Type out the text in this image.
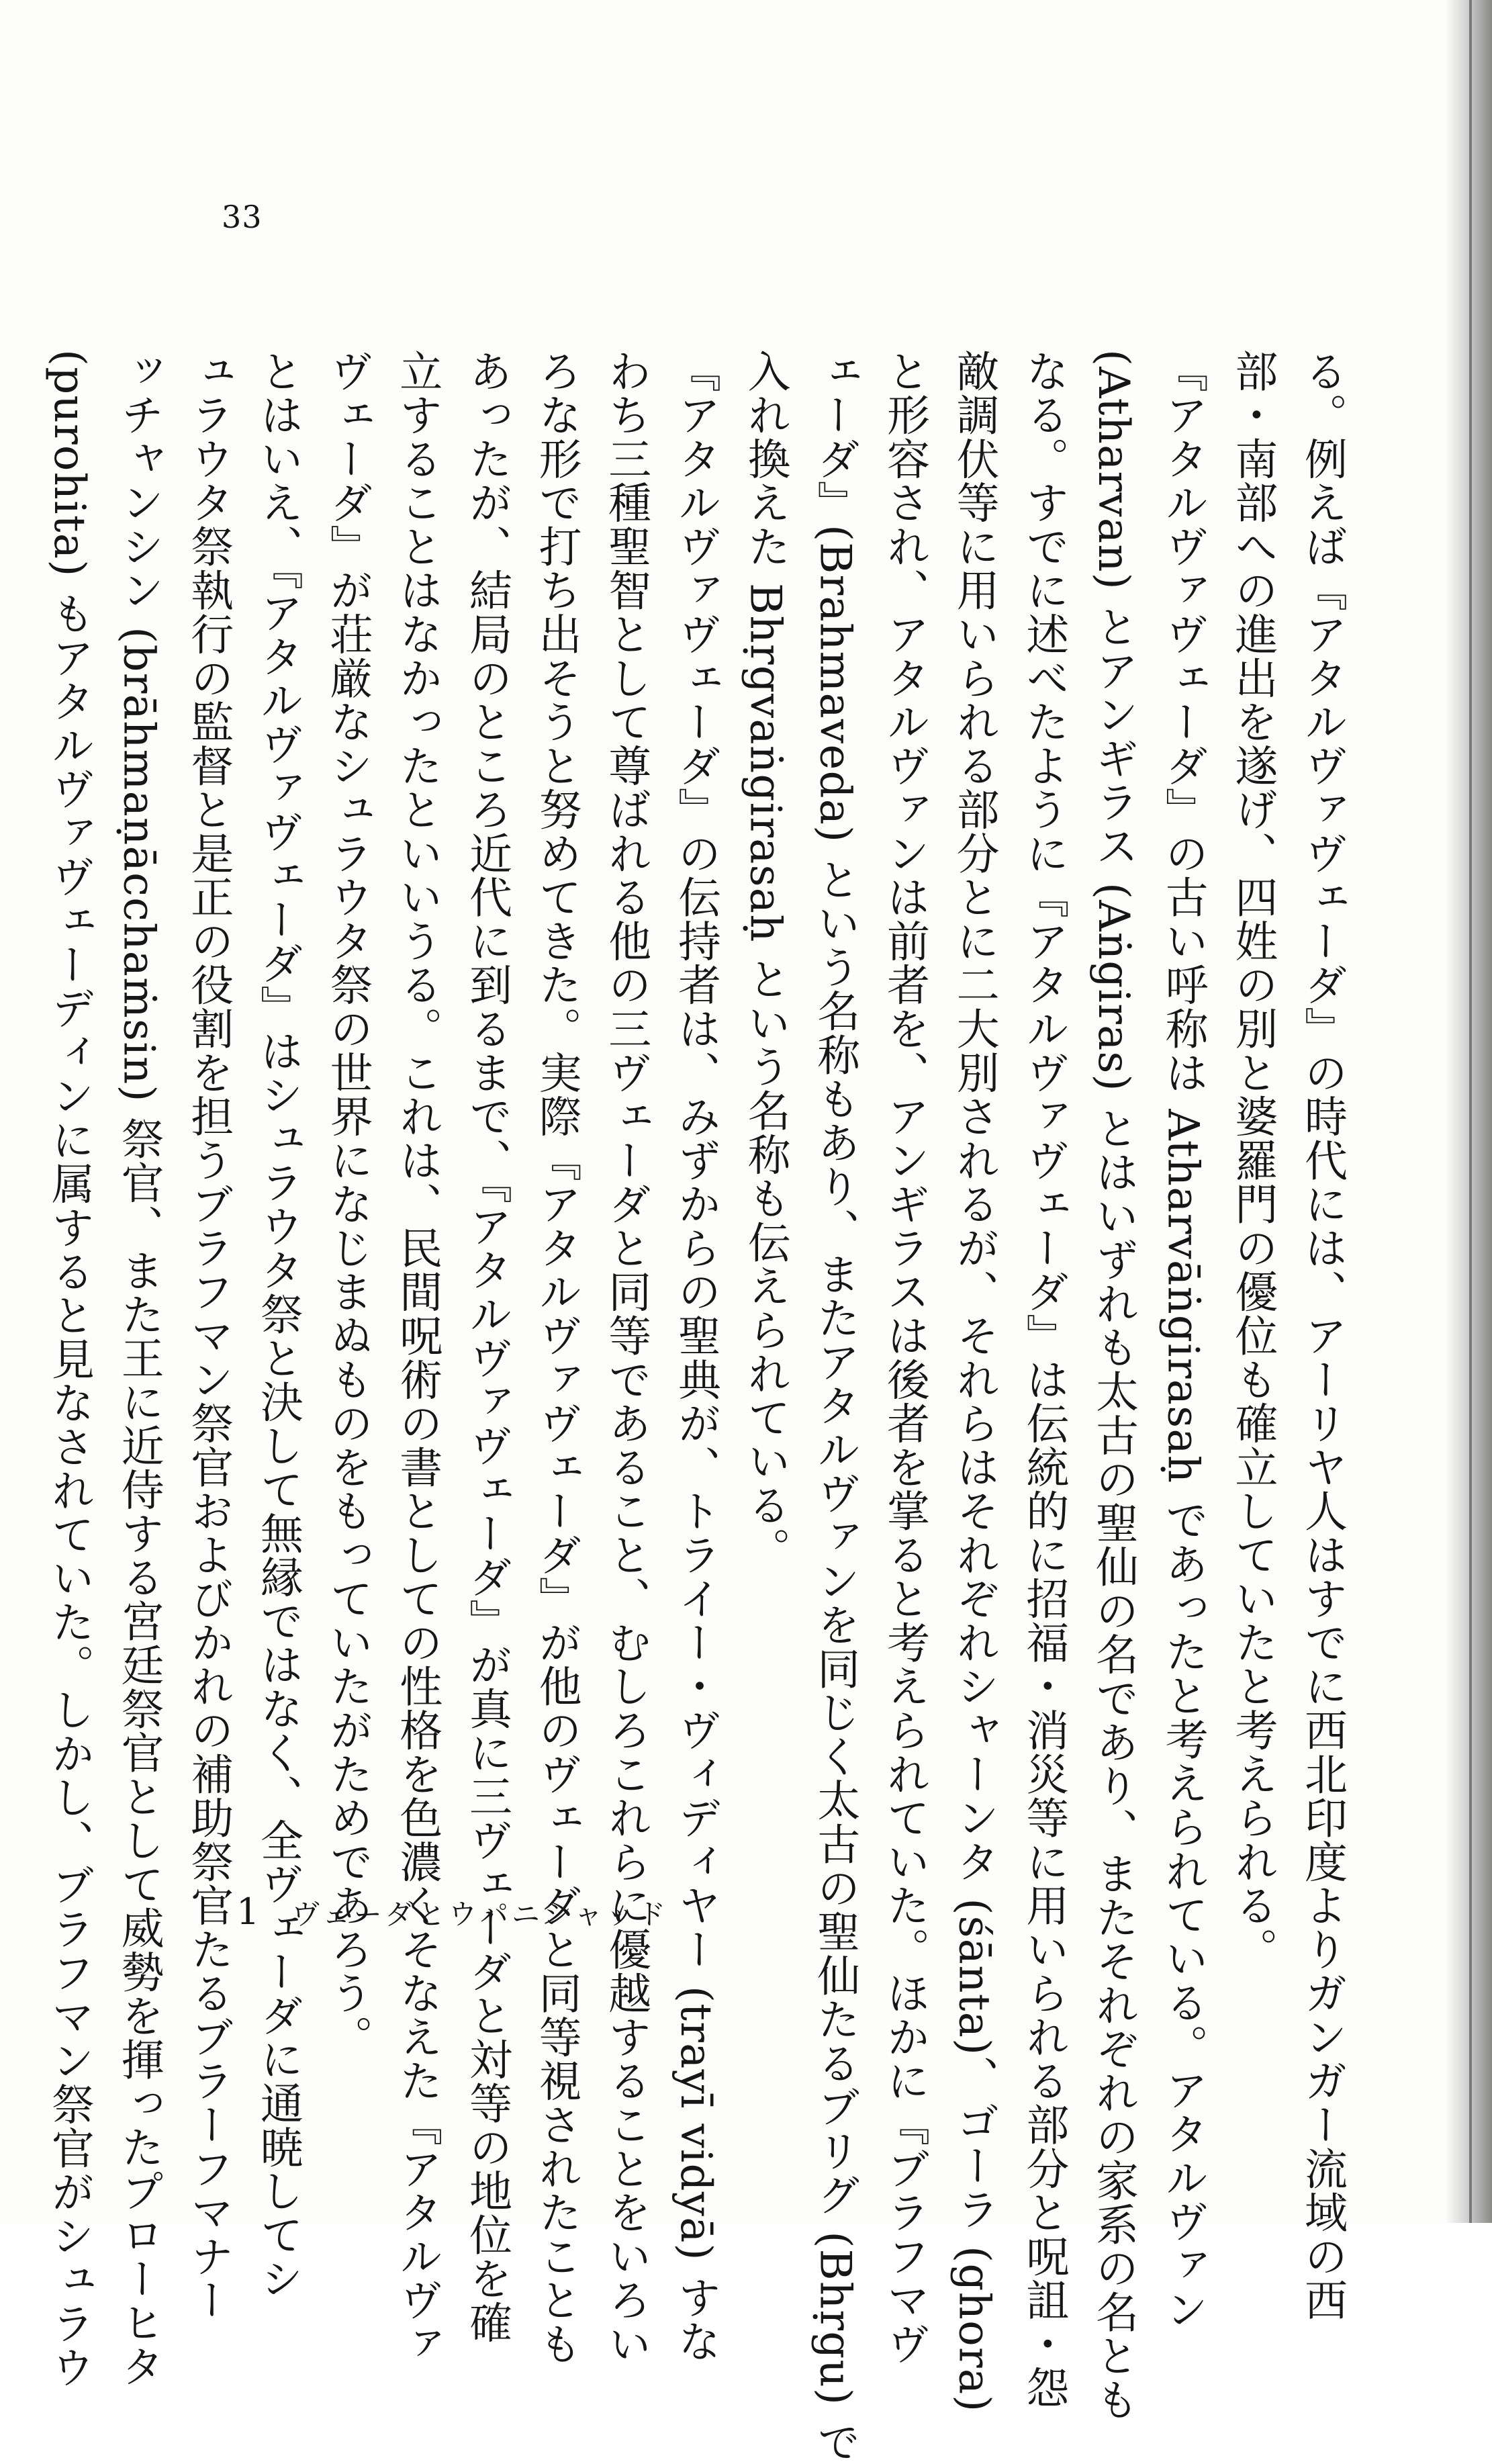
33
る。例えば『アタルヴァヴェーダ』の時代には、アーリヤ人はすでに西北印度よりガンガー流域の西
部・南部への進出を遂げ、四姓の別と婆羅門の優位も確立していたと考えられる。
『アタルヴァヴェーダ』の古い呼称は Atharvāṅgirasaḥ であったと考えられている。アタルヴァン
(Atharvan) とアンギラス (Aṅgiras) とはいずれも太古の聖仙の名であり、またそれぞれの家系の名とも
なる。すでに述べたように『アタルヴァヴェーダ』は伝統的に招福・消災等に用いられる部分と呪詛・怨
敵調伏等に用いられる部分とに二大別されるが、それらはそれぞれシャーンタ (śānta)、ゴーラ (ghora)
と形容され、アタルヴァンは前者を、アンギラスは後者を掌ると考えられていた。ほかに『ブラフマヴ
ェーダ』(Brahmaveda) という名称もあり、またアタルヴァンを同じく太古の聖仙たるブリグ (Bhṛgu) で
入れ換えた Bhṛgvaṅgirasaḥ という名称も伝えられている。
『アタルヴァヴェーダ』の伝持者は、みずからの聖典が、トライー・ヴィディヤー (trayī vidyā) すな
わち三種聖智として尊ばれる他の三ヴェーダと同等であること、むしろこれらに優越することをいろい
ろな形で打ち出そうと努めてきた。実際『アタルヴァヴェーダ』が他のヴェーダと同等視されたことも
あったが、結局のところ近代に到るまで、『アタルヴァヴェーダ』が真に三ヴェーダと対等の地位を確
立することはなかったといいうる。これは、民間呪術の書としての性格を色濃くそなえた『アタルヴァ
ヴェーダ』が荘厳なシュラウタ祭の世界になじまぬものをもっていたがためであろう。
とはいえ、『アタルヴァヴェーダ』はシュラウタ祭と決して無縁ではなく、全ヴェーダに通暁してシ
ュラウタ祭執行の監督と是正の役割を担うブラフマン祭官およびかれの補助祭官たるブラーフマナー
ッチャンシン (brāhmaṇācchaṁsin) 祭官、また王に近侍する宮廷祭官として威勢を揮ったプローヒタ
(purohita) もアタルヴァヴェーディンに属すると見なされていた。しかし、ブラフマン祭官がシュラウ	1 ヴェーダとウパニシャッド
